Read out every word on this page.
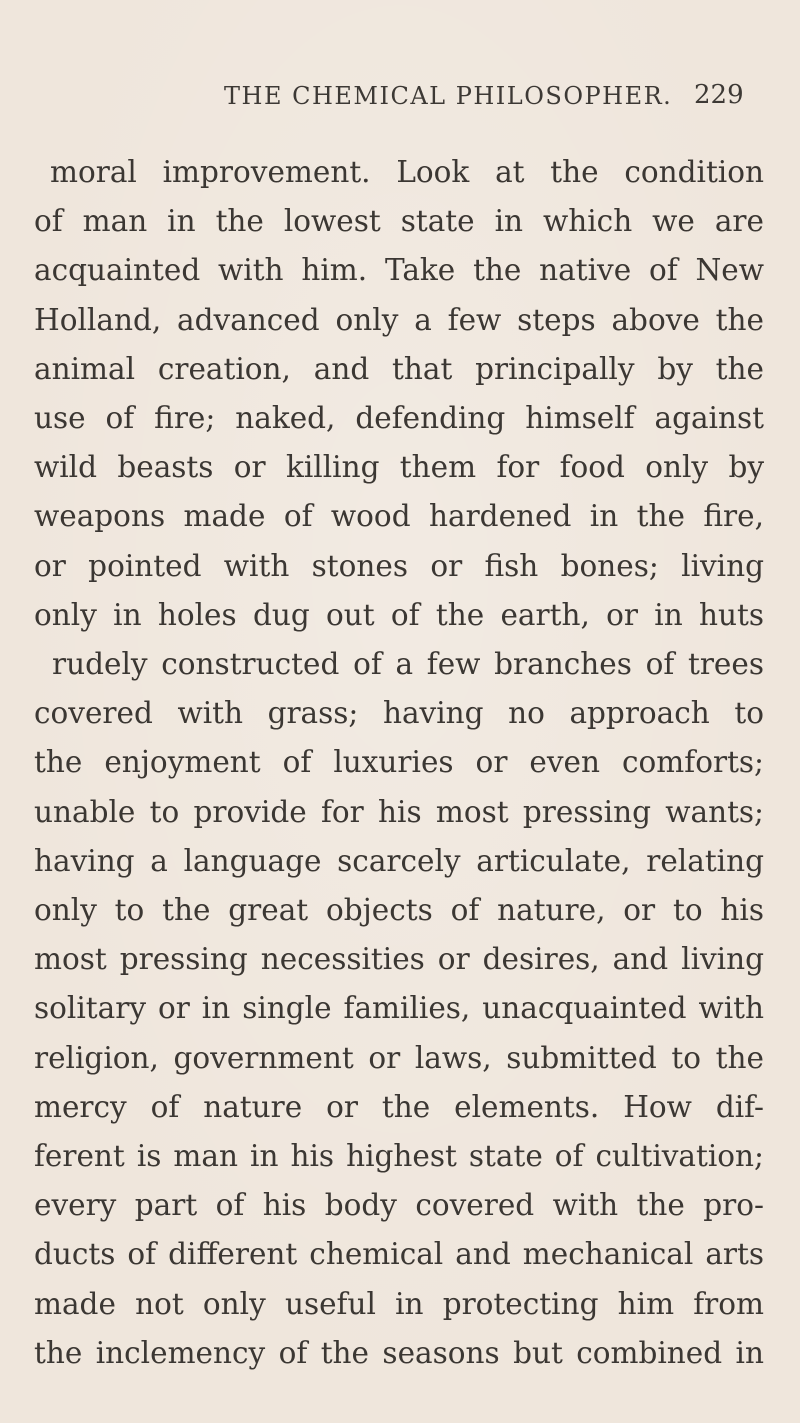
THE CHEMICAL PHILOSOPHER. 229
moral improvement. Look at the condition
of man in the lowest state in which we are
acquainted with him. Take the native of New
Holland, advanced only a few steps above the
animal creation, and that principally by the
use of fire; naked, defending himself against
wild beasts or killing them for food only by
weapons made of wood hardened in the fire,
or pointed with stones or fish bones; living
only in holes dug out of the earth, or in huts
rudely constructed of a few branches of trees
covered with grass; having no approach to
the enjoyment of luxuries or even comforts;
unable to provide for his most pressing wants;
having a language scarcely articulate, relating
only to the great objects of nature, or to his
most pressing necessities or desires, and living
solitary or in single families, unacquainted with
religion, government or laws, submitted to the
mercy of nature or the elements. How dif-
ferent is man in his highest state of cultivation;
every part of his body covered with the pro-
ducts of different chemical and mechanical arts
made not only useful in protecting him from
the inclemency of the seasons but combined in
